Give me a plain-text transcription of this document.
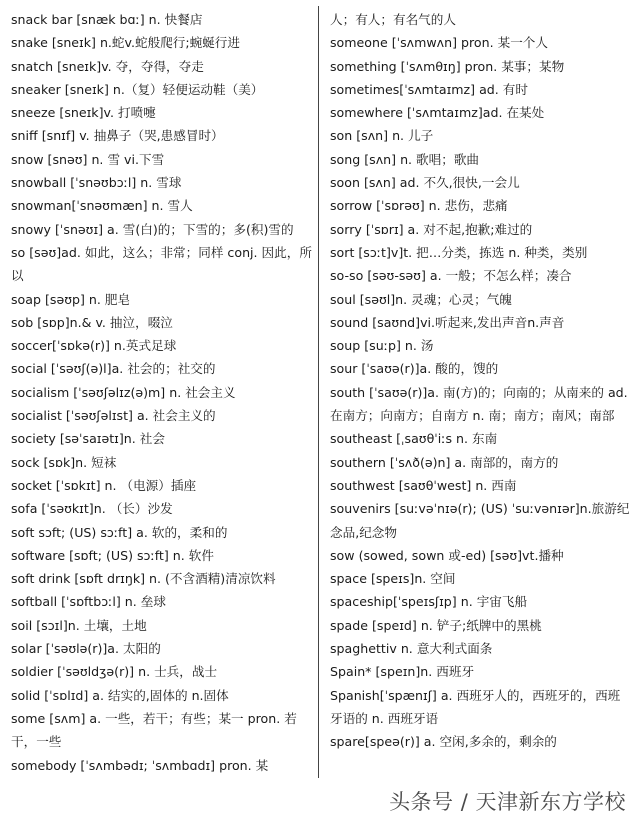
snack bar [snæk bɑː] n. 快餐店

snake [sneɪk] n.蛇v.蛇般爬行;蜿蜒行进

snatch [sneɪk]v. 夺，夺得，夺走

sneaker [sneɪk] n.（复）轻便运动鞋（美）

sneeze [sneɪk]v. 打喷嚏

sniff [snɪf] v. 抽鼻子（哭,患感冒时）

snow [snəʊ] n. 雪 vi.下雪

snowball [ˈsnəʊbɔːl] n. 雪球

snowman[ˈsnəʊmæn] n. 雪人

snowy [ˈsnəʊɪ] a. 雪(白)的；下雪的；多(积)雪的

so [səʊ]ad. 如此，这么；非常；同样 conj. 因此，所以

soap [səʊp] n. 肥皂

sob [sɒp]n.& v. 抽泣，啜泣

soccer[ˈsɒkə(r)] n.英式足球

social [ˈsəʊʃ(ə)l]a. 社会的；社交的

socialism [ˈsəʊʃəlɪz(ə)m] n. 社会主义

socialist [ˈsəʊʃəlɪst] a. 社会主义的

society [səˈsaɪətɪ]n. 社会

sock [sɒk]n. 短袜

socket [ˈsɒkɪt] n. （电源）插座

sofa [ˈsəʊkɪt]n. （长）沙发

soft sɔft; (US) sɔːft] a. 软的，柔和的

software [sɒft; (US) sɔːft] n. 软件

soft drink [sɒft drɪŋk] n. (不含酒精)清凉饮料

softball [ˈsɒftbɔːl] n. 垒球

soil [sɔɪl]n. 土壤，土地

solar [ˈsəʊlə(r)]a. 太阳的

soldier [ˈsəʊldʒə(r)] n. 士兵，战士

solid [ˈsɒlɪd] a. 结实的,固体的 n.固体

some [sʌm] a. 一些，若干；有些；某一 pron. 若干，一些

somebody [ˈsʌmbədɪ; ˈsʌmbɑdɪ] pron. 某

人；有人；有名气的人

someone [ˈsʌmwʌn] pron. 某一个人

something [ˈsʌmθɪŋ] pron. 某事；某物

sometimes[ˈsʌmtaɪmz] ad. 有时

somewhere [ˈsʌmtaɪmz]ad. 在某处

son [sʌn] n. 儿子

song [sʌn] n. 歌唱；歌曲

soon [sʌn] ad. 不久,很快,一会儿

sorrow [ˈsɒrəʊ] n. 悲伤，悲痛

sorry [ˈsɒrɪ] a. 对不起,抱歉;难过的

sort [sɔːt]v]t. 把…分类，拣选 n. 种类，类别

so-so [səʊ-səʊ] a. 一般；不怎么样；凑合

soul [səʊl]n. 灵魂；心灵；气魄

sound [saʊnd]vi.听起来,发出声音n.声音

soup [suːp] n. 汤

sour [ˈsaʊə(r)]a. 酸的，馊的

south [ˈsaʊə(r)]a. 南(方)的；向南的；从南来的 ad. 在南方；向南方；自南方 n. 南；南方；南风；南部

southeast [ˌsaʊθˈiːs n. 东南

southern [ˈsʌð(ə)n] a. 南部的，南方的

southwest [saʊθˈwest] n. 西南

souvenirs [suːvəˈnɪə(r); (US) ˈsuːvənɪər]n.旅游纪念品,纪念物

sow (sowed, sown 或-ed) [səʊ]vt.播种

space [speɪs]n. 空间

spaceship[ˈspeɪsʃɪp] n. 宇宙飞船

spade [speɪd] n. 铲子;纸牌中的黑桃

spaghettiv n. 意大利式面条

Spain* [speɪn]n. 西班牙

Spanish[ˈspænɪʃ] a. 西班牙人的，西班牙的，西班牙语的 n. 西班牙语

spare[speə(r)] a. 空闲,多余的，剩余的

头条号 / 天津新东方学校
